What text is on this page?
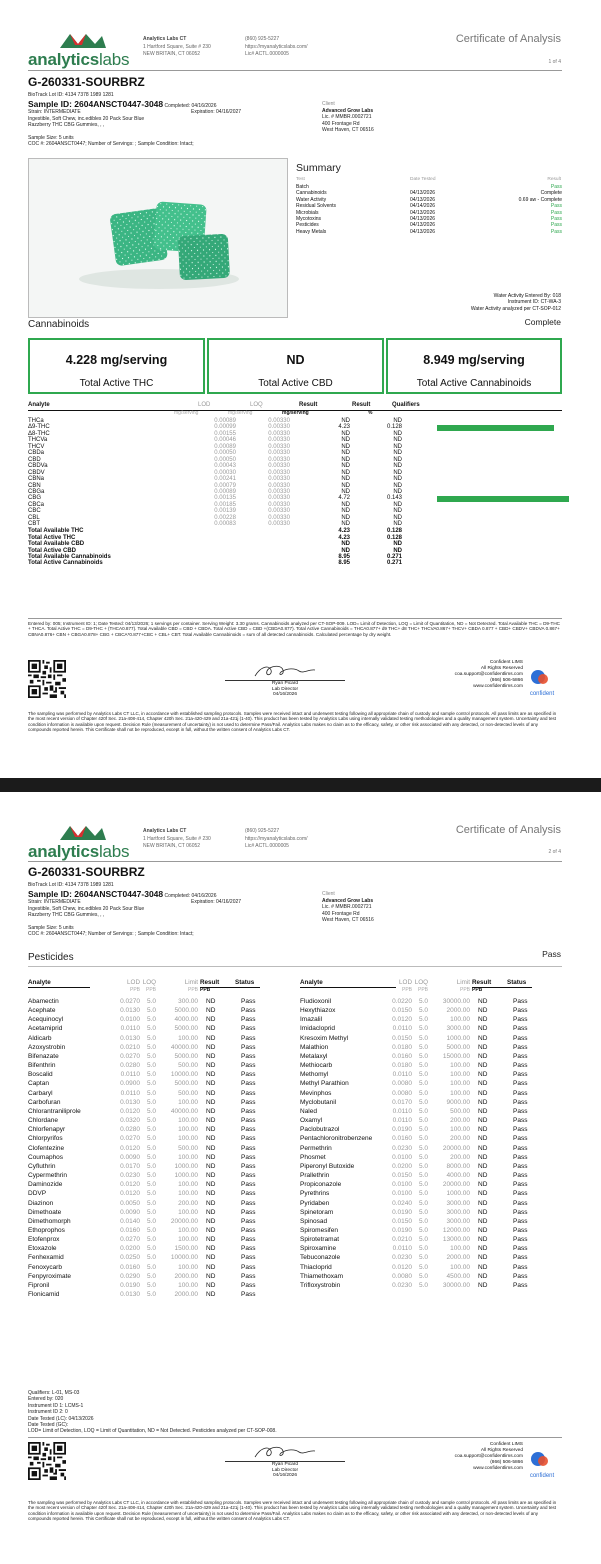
analyticslabs
Analytics Labs CT
1 Hartford Square, Suite # 230
NEW BRITAIN, CT 06052
(860) 925-5227
https://myanalyticslabs.com/
Lic# ACTL.0000005
Certificate of Analysis
1 of 4
G-260331-SOURBRZ
BioTrack Lot ID: 4134 7378 1989 1281
Sample ID: 2604ANSCT0447-3048 Completed: 04/16/2026
Strain: INTERMEDIATE	Expiration: 04/16/2027
Ingestible, Soft Chew, inc.edibles 20 Pack Sour Blue
Razzberry THC CBG Gummies, , ,
Sample Size: 5 units
COC #: 2604ANSCT0447; Number of Servings: ; Sample Condition: Intact;
Client
Advanced Grow Labs
Lic. # MMBR.0002721
400 Frontage Rd
West Haven, CT 06516
Summary
Test	Date Tested	Result
Batch	Pass
Cannabinoids	04/13/2026	Complete
Water Activity	04/13/2026	0.69 aw - Complete
Residual Solvents	04/14/2026	Pass
Microbials	04/13/2026	Pass
Mycotoxins	04/13/2026	Pass
Pesticides	04/13/2026	Pass
Heavy Metals	04/13/2026	Pass
Water Activity Entered By: 018
Instrument ID: CT-WA-3
Water Activity analyzed per CT-SOP-012
Cannabinoids	Complete
4.228 mg/serving
Total Active THC
ND
Total Active CBD
8.949 mg/serving
Total Active Cannabinoids
Analyte	LOD	LOQ	Result	Result	Qualifiers
mg/serving	mg/serving	mg/serving	%
THCa	0.00089	0.00330	ND	ND
Δ9-THC	0.00099	0.00330	4.23	0.128
Δ8-THC	0.00155	0.00330	ND	ND
THCVa	0.00046	0.00330	ND	ND
THCV	0.00089	0.00330	ND	ND
CBDa	0.00050	0.00330	ND	ND
CBD	0.00050	0.00330	ND	ND
CBDVa	0.00043	0.00330	ND	ND
CBDV	0.00030	0.00330	ND	ND
CBNa	0.00241	0.00330	ND	ND
CBN	0.00079	0.00330	ND	ND
CBGa	0.00089	0.00330	ND	ND
CBG	0.00135	0.00330	4.72	0.143
CBCa	0.00185	0.00330	ND	ND
CBC	0.00139	0.00330	ND	ND
CBL	0.00228	0.00330	ND	ND
CBT	0.00083	0.00330	ND	ND
Total Available THC	4.23	0.128
Total Active THC	4.23	0.128
Total Available CBD	ND	ND
Total Active CBD	ND	ND
Total Available Cannabinoids	8.95	0.271
Total Active Cannabinoids	8.95	0.271
Entered by: 005; Instrument ID: 1; Date Tested: 04/13/2026; 1 servings per container. Serving Weight: 3.30 grams. Cannabinoids analyzed per CT-SOP-009. LOD= Limit of Detection, LOQ = Limit of Quantitation, ND = Not Detected. Total Available THC = D9-THC + THCA. Total Active THC = D9-THC + (THCA0.877). Total Available CBD = CBD + CBDA. Total Active CBD = CBD +(CBDA0.877). Total Active Cannabinoids = THCA0.877+ d9 THC+ d8 THC+ THCVA0.867+ THCV+ CBDA 0.877 + CBD+ CBDV+ CBDVA 0.867+ CBNA0.876+ CBN + CBGA0.878+ CBG + CBCA*0.877+CBC + CBL+ CBT. Total Available Cannabinoids = sum of all detected cannabinoids. Calculated percentage by dry weight.
Ryan Picard
Lab Director
04/16/2026
Confident LIMS
All Rights Reserved
coa.support@confidentlims.com
(866) 506-5866
www.confidentlims.com
confident
The sampling was performed by Analytics Labs CT LLC, in accordance with established sampling protocols. Samples were received intact and underwent testing following all appropriate chain of custody and sample control protocols. All pass limits are as specified in the most recent version of Chapter 420f Sec. 21a-408-414, Chapter 420h Sec. 21a-420-429 and 21a-421j (1-40). This product has been tested by Analytics Labs using internally validated testing methodologies and a quality management system. Uncertainty and test condition information is available upon request. Decision Rule (measurement of uncertainty) is not used to determine Pass/Fail. Analytics Labs makes no claim as to the efficacy, safety, or other risk associated with any detected, or non-detected levels of any compounds reported herein. This Certificate shall not be reproduced, except in full, without the written consent of Analytics Labs CT.
analyticslabs
Analytics Labs CT
1 Hartford Square, Suite # 230
NEW BRITAIN, CT 06052
(860) 925-5227
https://myanalyticslabs.com/
Lic# ACTL.0000005
Certificate of Analysis
2 of 4
G-260331-SOURBRZ
BioTrack Lot ID: 4134 7378 1989 1281
Sample ID: 2604ANSCT0447-3048 Completed: 04/16/2026
Strain: INTERMEDIATE	Expiration: 04/16/2027
Ingestible, Soft Chew, inc.edibles 20 Pack Sour Blue
Razzberry THC CBG Gummies, , ,
Sample Size: 5 units
COC #: 2604ANSCT0447; Number of Servings: ; Sample Condition: Intact;
Client
Advanced Grow Labs
Lic. # MMBR.0002721
400 Frontage Rd
West Haven, CT 06516
Pesticides	Pass
Analyte	LOD LOQ	Limit Result	Status
PPB	PPB	PPB PPB
Analyte	LOD LOQ	Limit Result	Status
PPB	PPB	PPB PPB
Abamectin	0.0270	5.0	300.00 ND	Pass
Acephate	0.0130	5.0	5000.00 ND	Pass
Acequinocyl	0.0100	5.0	4000.00 ND	Pass
Acetamiprid	0.0110	5.0	5000.00 ND	Pass
Aldicarb	0.0130	5.0	100.00 ND	Pass
Azoxystrobin	0.0210	5.0	40000.00 ND	Pass
Bifenazate	0.0270	5.0	5000.00 ND	Pass
Bifenthrin	0.0280	5.0	500.00 ND	Pass
Boscalid	0.0110	5.0	10000.00 ND	Pass
Captan	0.0900	5.0	5000.00 ND	Pass
Carbaryl	0.0110	5.0	500.00 ND	Pass
Carbofuran	0.0130	5.0	100.00 ND	Pass
Chlorantraniliprole	0.0120	5.0	40000.00 ND	Pass
Chlordane	0.0320	5.0	100.00 ND	Pass
Chlorfenapyr	0.0280	5.0	100.00 ND	Pass
Chlorpyrifos	0.0270	5.0	100.00 ND	Pass
Clofentezine	0.0120	5.0	500.00 ND	Pass
Coumaphos	0.0090	5.0	100.00 ND	Pass
Cyfluthrin	0.0170	5.0	1000.00 ND	Pass
Cypermethrin	0.0230	5.0	1000.00 ND	Pass
Daminozide	0.0120	5.0	100.00 ND	Pass
DDVP	0.0120	5.0	100.00 ND	Pass
Diazinon	0.0050	5.0	200.00 ND	Pass
Dimethoate	0.0090	5.0	100.00 ND	Pass
Dimethomorph	0.0140	5.0	20000.00 ND	Pass
Ethoprophos	0.0160	5.0	100.00 ND	Pass
Etofenprox	0.0270	5.0	100.00 ND	Pass
Etoxazole	0.0200	5.0	1500.00 ND	Pass
Fenhexamid	0.0250	5.0	10000.00 ND	Pass
Fenoxycarb	0.0160	5.0	100.00 ND	Pass
Fenpyroximate	0.0290	5.0	2000.00 ND	Pass
Fipronil	0.0190	5.0	100.00 ND	Pass
Flonicamid	0.0130	5.0	2000.00 ND	Pass
Fludioxonil	0.0220	5.0	30000.00 ND	Pass
Hexythiazox	0.0150	5.0	2000.00 ND	Pass
Imazalil	0.0120	5.0	100.00 ND	Pass
Imidacloprid	0.0110	5.0	3000.00 ND	Pass
Kresoxim Methyl	0.0150	5.0	1000.00 ND	Pass
Malathion	0.0180	5.0	5000.00 ND	Pass
Metalaxyl	0.0160	5.0	15000.00 ND	Pass
Methiocarb	0.0180	5.0	100.00 ND	Pass
Methomyl	0.0110	5.0	100.00 ND	Pass
Methyl Parathion	0.0080	5.0	100.00 ND	Pass
Mevinphos	0.0080	5.0	100.00 ND	Pass
Myclobutanil	0.0170	5.0	9000.00 ND	Pass
Naled	0.0110	5.0	500.00 ND	Pass
Oxamyl	0.0110	5.0	200.00 ND	Pass
Paclobutrazol	0.0190	5.0	100.00 ND	Pass
Pentachloronitrobenzene	0.0160	5.0	200.00 ND	Pass
Permethrin	0.0230	5.0	20000.00 ND	Pass
Phosmet	0.0100	5.0	200.00 ND	Pass
Piperonyl Butoxide	0.0200	5.0	8000.00 ND	Pass
Prallethrin	0.0150	5.0	4000.00 ND	Pass
Propiconazole	0.0100	5.0	20000.00 ND	Pass
Pyrethrins	0.0100	5.0	1000.00 ND	Pass
Pyridaben	0.0240	5.0	3000.00 ND	Pass
Spinetoram	0.0190	5.0	3000.00 ND	Pass
Spinosad	0.0150	5.0	3000.00 ND	Pass
Spiromesifen	0.0190	5.0	12000.00 ND	Pass
Spirotetramat	0.0210	5.0	13000.00 ND	Pass
Spiroxamine	0.0110	5.0	100.00 ND	Pass
Tebuconazole	0.0230	5.0	2000.00 ND	Pass
Thiacloprid	0.0120	5.0	100.00 ND	Pass
Thiamethoxam	0.0080	5.0	4500.00 ND	Pass
Trifloxystrobin	0.0230	5.0	30000.00 ND	Pass
Qualifiers: L-01, MS-03
Entered by: 020
Instrument ID 1: LCMS-1
Instrument ID 2: 0
Date Tested (LC): 04/13/2026
Date Tested (GC):
LOD= Limit of Detection, LOQ = Limit of Quantitation, ND = Not Detected. Pesticides analyzed per CT-SOP-008.
Ryan Picard
Lab Director
04/16/2026
Confident LIMS
All Rights Reserved
coa.support@confidentlims.com
(866) 506-5866
www.confidentlims.com
confident
The sampling was performed by Analytics Labs CT LLC, in accordance with established sampling protocols. Samples were received intact and underwent testing following all appropriate chain of custody and sample control protocols. All pass limits are as specified in the most recent version of Chapter 420f Sec. 21a-408-414, Chapter 420h Sec. 21a-420-429 and 21a-421j (1-40). This product has been tested by Analytics Labs using internally validated testing methodologies and a quality management system. Uncertainty and test condition information is available upon request. Decision Rule (measurement of uncertainty) is not used to determine Pass/Fail. Analytics Labs makes no claim as to the efficacy, safety, or other risk associated with any detected, or non-detected levels of any compounds reported herein. This Certificate shall not be reproduced, except in full, without the written consent of Analytics Labs CT.
